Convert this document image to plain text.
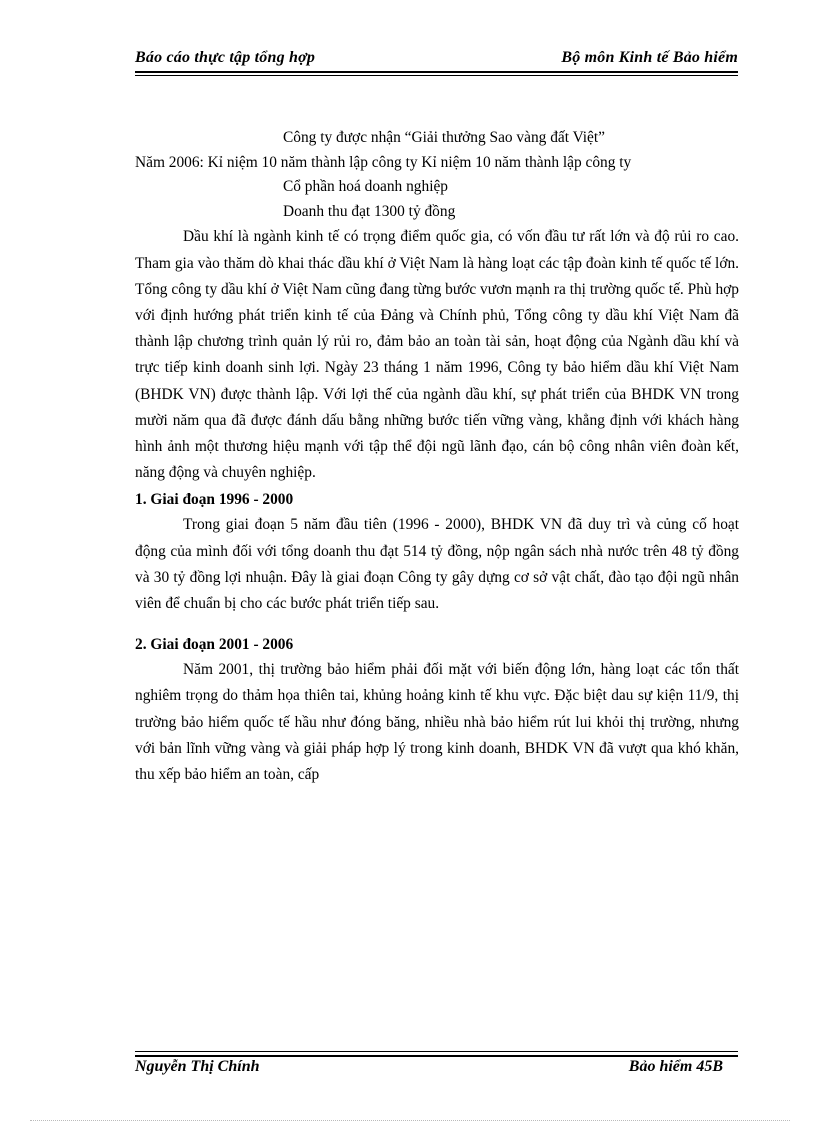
Báo cáo thực tập tổng hợp	Bộ môn Kinh tế Bảo hiểm
Công ty được nhận “Giải thưởng Sao vàng đất Việt”
Năm 2006: Kỉ niệm 10 năm thành lập công ty Kỉ niệm 10 năm thành lập công ty
Cổ phần hoá doanh nghiệp
Doanh thu đạt 1300 tỷ đồng
Dầu khí là ngành kinh tế có trọng điểm quốc gia, có vốn đầu tư rất lớn và độ rủi ro cao. Tham gia vào thăm dò khai thác dầu khí ở Việt Nam là hàng loạt các tập đoàn kinh tế quốc tế lớn. Tổng công ty dầu khí ở Việt Nam cũng đang từng bước vươn mạnh ra thị trường quốc tế. Phù hợp với định hướng phát triển kinh tế của Đảng và Chính phủ, Tổng công ty dầu khí Việt Nam đã thành lập chương trình quản lý rủi ro, đảm bảo an toàn tài sản, hoạt động của Ngành dầu khí và trực tiếp kinh doanh sinh lợi. Ngày 23 tháng 1 năm 1996, Công ty bảo hiểm dầu khí Việt Nam (BHDK VN) được thành lập. Với lợi thế của ngành dầu khí, sự phát triển của BHDK VN trong mười năm qua đã được đánh dấu bằng những bước tiến vững vàng, khẳng định với khách hàng hình ảnh một thương hiệu mạnh với tập thể đội ngũ lãnh đạo, cán bộ công nhân viên đoàn kết, năng động và chuyên nghiệp.
1. Giai đoạn 1996 - 2000
Trong giai đoạn 5 năm đầu tiên (1996 - 2000), BHDK VN đã duy trì và củng cố hoạt động của mình đối với tổng doanh thu đạt 514 tỷ đồng, nộp ngân sách nhà nước trên 48 tỷ đồng và 30 tỷ đồng lợi nhuận. Đây là giai đoạn Công ty gây dựng cơ sở vật chất, đào tạo đội ngũ nhân viên để chuẩn bị cho các bước phát triển tiếp sau.
2. Giai đoạn 2001 - 2006
Năm 2001, thị trường bảo hiểm phải đối mặt với biến động lớn, hàng loạt các tổn thất nghiêm trọng do thảm họa thiên tai, khủng hoảng kinh tế khu vực. Đặc biệt dau sự kiện 11/9, thị trường bảo hiểm quốc tế hầu như đóng băng, nhiều nhà bảo hiểm rút lui khỏi thị trường, nhưng với bản lĩnh vững vàng và giải pháp hợp lý trong kinh doanh, BHDK VN đã vượt qua khó khăn, thu xếp bảo hiểm an toàn, cấp
Nguyễn Thị Chính	Bảo hiểm 45B
